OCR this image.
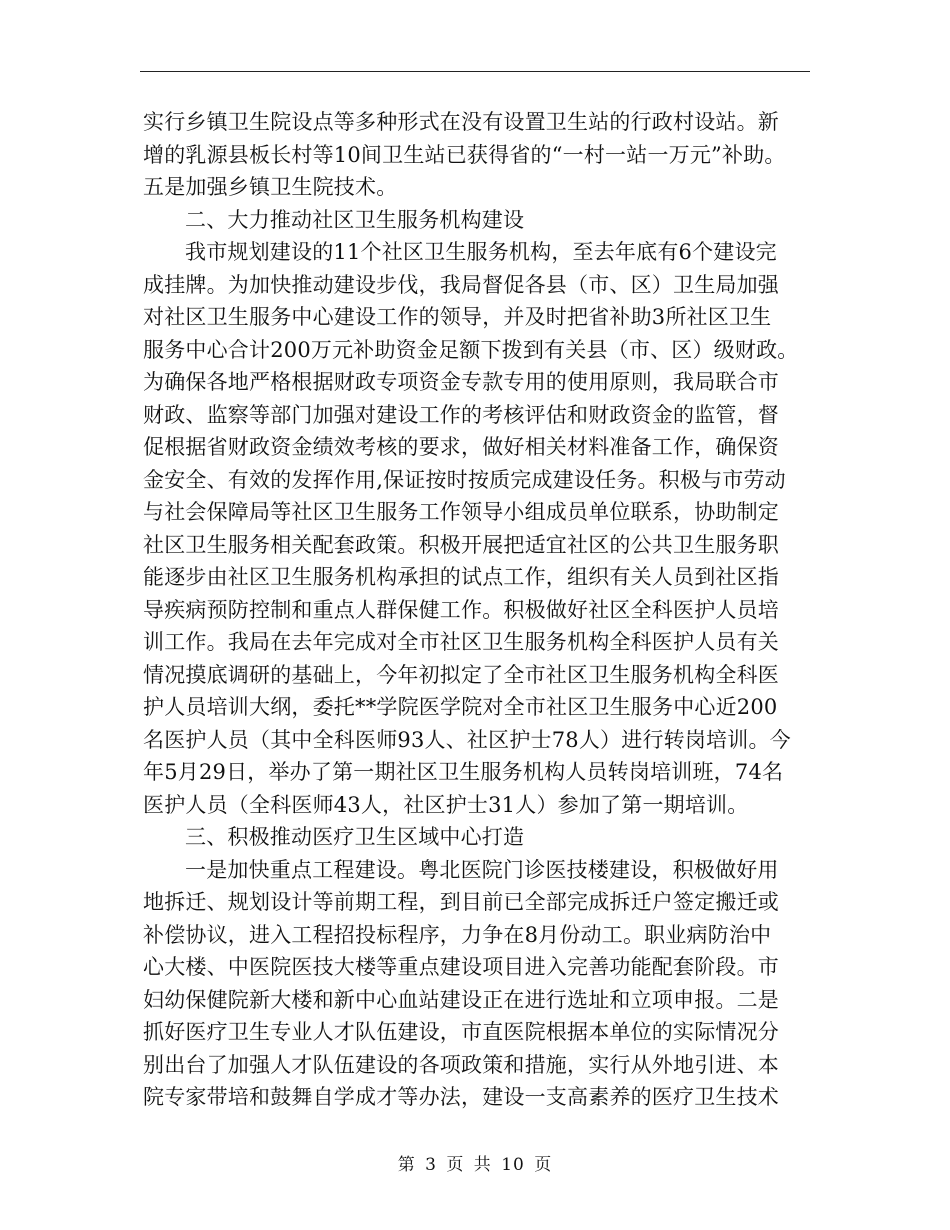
实行乡镇卫生院设点等多种形式在没有设置卫生站的行政村设站。新
增的乳源县板长村等10间卫生站已获得省的“一村一站一万元”补助。
五是加强乡镇卫生院技术。
二、大力推动社区卫生服务机构建设
我市规划建设的11个社区卫生服务机构，至去年底有6个建设完
成挂牌。为加快推动建设步伐，我局督促各县（市、区）卫生局加强
对社区卫生服务中心建设工作的领导，并及时把省补助3所社区卫生
服务中心合计200万元补助资金足额下拨到有关县（市、区）级财政。
为确保各地严格根据财政专项资金专款专用的使用原则，我局联合市
财政、监察等部门加强对建设工作的考核评估和财政资金的监管，督
促根据省财政资金绩效考核的要求，做好相关材料准备工作，确保资
金安全、有效的发挥作用,保证按时按质完成建设任务。积极与市劳动
与社会保障局等社区卫生服务工作领导小组成员单位联系，协助制定
社区卫生服务相关配套政策。积极开展把适宜社区的公共卫生服务职
能逐步由社区卫生服务机构承担的试点工作，组织有关人员到社区指
导疾病预防控制和重点人群保健工作。积极做好社区全科医护人员培
训工作。我局在去年完成对全市社区卫生服务机构全科医护人员有关
情况摸底调研的基础上，今年初拟定了全市社区卫生服务机构全科医
护人员培训大纲，委托**学院医学院对全市社区卫生服务中心近200
名医护人员（其中全科医师93人、社区护士78人）进行转岗培训。今
年5月29日，举办了第一期社区卫生服务机构人员转岗培训班，74名
医护人员（全科医师43人，社区护士31人）参加了第一期培训。
三、积极推动医疗卫生区域中心打造
一是加快重点工程建设。粤北医院门诊医技楼建设，积极做好用
地拆迁、规划设计等前期工程，到目前已全部完成拆迁户签定搬迁或
补偿协议，进入工程招投标程序，力争在8月份动工。职业病防治中
心大楼、中医院医技大楼等重点建设项目进入完善功能配套阶段。市
妇幼保健院新大楼和新中心血站建设正在进行选址和立项申报。二是
抓好医疗卫生专业人才队伍建设，市直医院根据本单位的实际情况分
别出台了加强人才队伍建设的各项政策和措施，实行从外地引进、本
院专家带培和鼓舞自学成才等办法，建设一支高素养的医疗卫生技术
第 3 页 共 10 页
